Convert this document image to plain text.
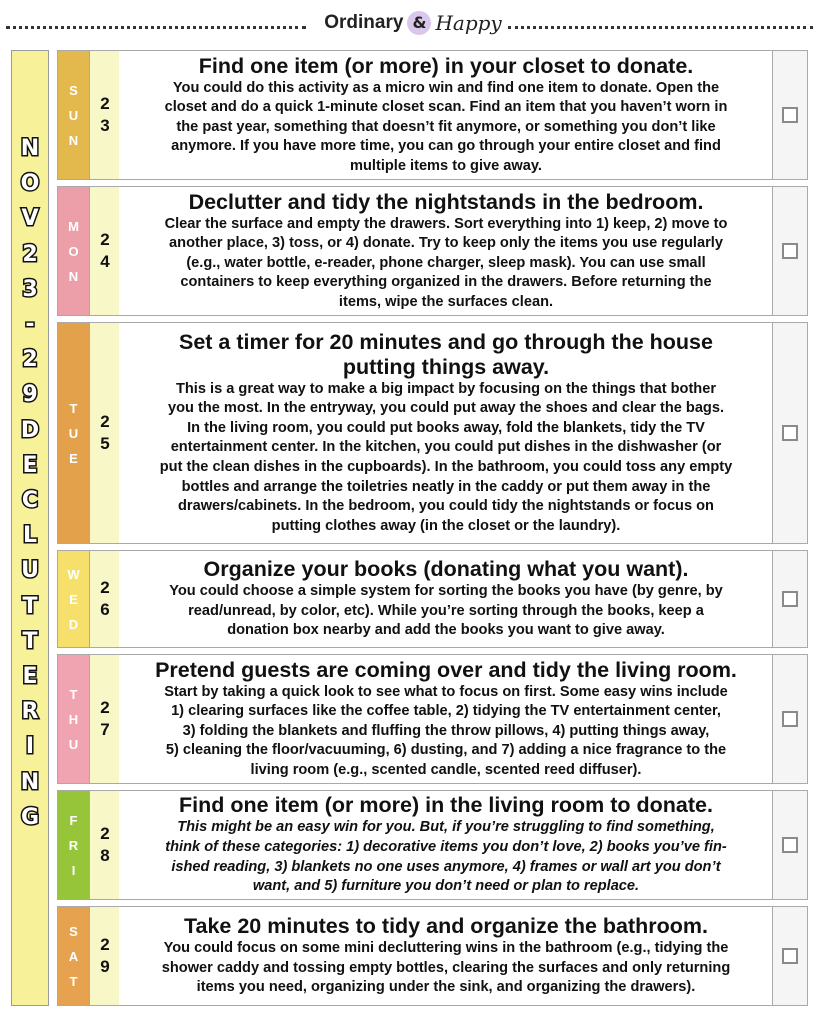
Ordinary & Happy
N
O
V
2
3
-
2
9
D
E
C
L
U
T
T
E
R
I
N
G
S
U
N
2
3
Find one item (or more) in your closet to donate.
You could do this activity as a micro win and find one item to donate. Open the
closet and do a quick 1-minute closet scan. Find an item that you haven’t worn in
the past year, something that doesn’t fit anymore, or something you don’t like
anymore. If you have more time, you can go through your entire closet and find
multiple items to give away.
M
O
N
2
4
Declutter and tidy the nightstands in the bedroom.
Clear the surface and empty the drawers. Sort everything into 1) keep, 2) move to
another place, 3) toss, or 4) donate. Try to keep only the items you use regularly
(e.g., water bottle, e-reader, phone charger, sleep mask). You can use small
containers to keep everything organized in the drawers. Before returning the
items, wipe the surfaces clean.
T
U
E
2
5
Set a timer for 20 minutes and go through the house
putting things away.
This is a great way to make a big impact by focusing on the things that bother
you the most. In the entryway, you could put away the shoes and clear the bags.
In the living room, you could put books away, fold the blankets, tidy the TV
entertainment center. In the kitchen, you could put dishes in the dishwasher (or
put the clean dishes in the cupboards). In the bathroom, you could toss any empty
bottles and arrange the toiletries neatly in the caddy or put them away in the
drawers/cabinets. In the bedroom, you could tidy the nightstands or focus on
putting clothes away (in the closet or the laundry).
W
E
D
2
6
Organize your books (donating what you want).
You could choose a simple system for sorting the books you have (by genre, by
read/unread, by color, etc). While you’re sorting through the books, keep a
donation box nearby and add the books you want to give away.
T
H
U
2
7
Pretend guests are coming over and tidy the living room.
Start by taking a quick look to see what to focus on first. Some easy wins include
1) clearing surfaces like the coffee table, 2) tidying the TV entertainment center,
3) folding the blankets and fluffing the throw pillows, 4) putting things away,
5) cleaning the floor/vacuuming, 6) dusting, and 7) adding a nice fragrance to the
living room (e.g., scented candle, scented reed diffuser).
F
R
I
2
8
Find one item (or more) in the living room to donate.
This might be an easy win for you. But, if you’re struggling to find something,
think of these categories: 1) decorative items you don’t love, 2) books you’ve fin-
ished reading, 3) blankets no one uses anymore, 4) frames or wall art you don’t
want, and 5) furniture you don’t need or plan to replace.
S
A
T
2
9
Take 20 minutes to tidy and organize the bathroom.
You could focus on some mini decluttering wins in the bathroom (e.g., tidying the
shower caddy and tossing empty bottles, clearing the surfaces and only returning
items you need, organizing under the sink, and organizing the drawers).
